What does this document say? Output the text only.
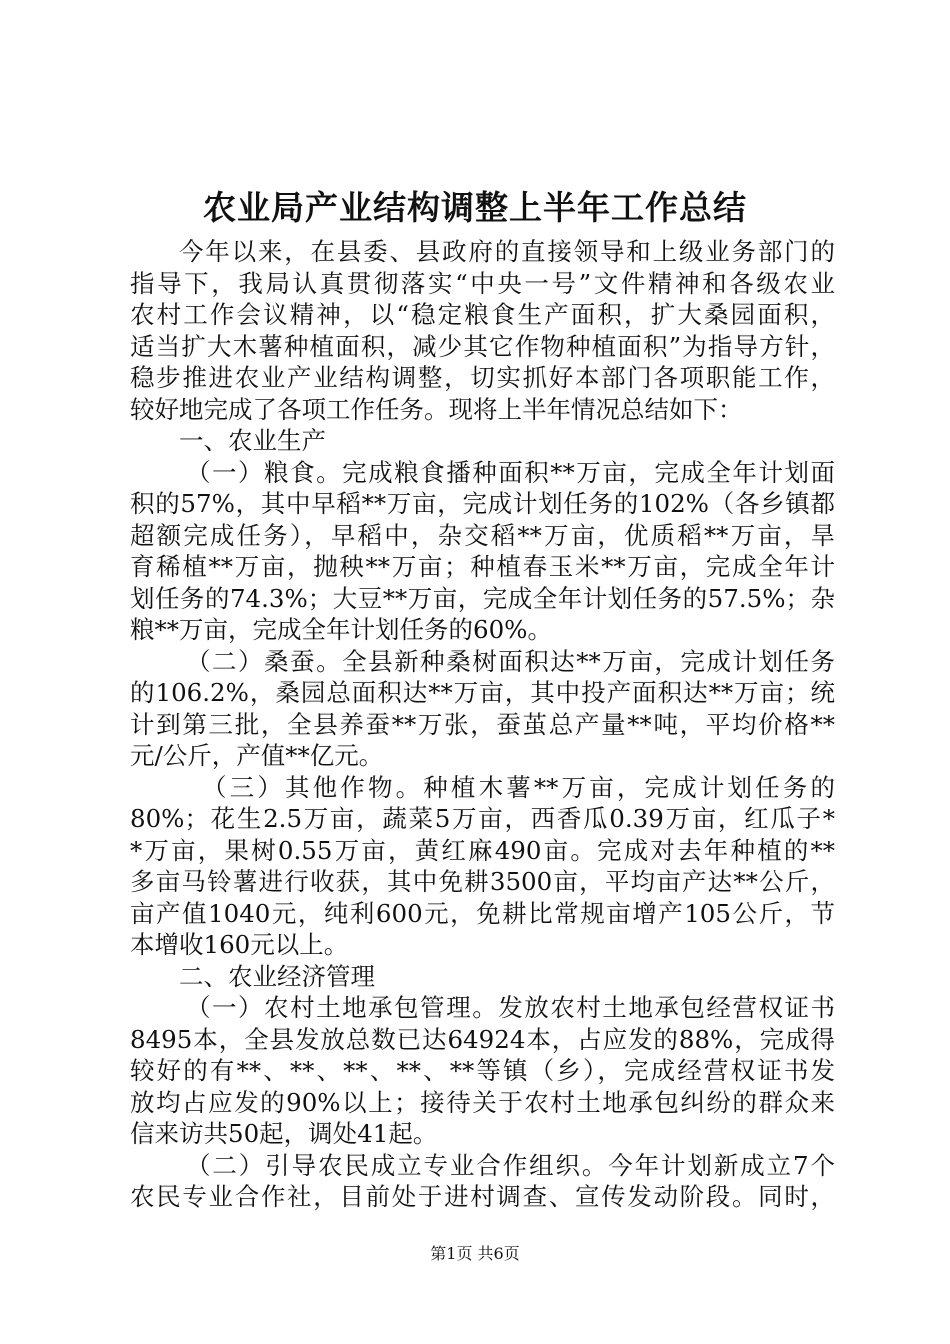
农业局产业结构调整上半年工作总结
今年以来，在县委、县政府的直接领导和上级业务部门的
指导下，我局认真贯彻落实“中央一号”文件精神和各级农业
农村工作会议精神，以“稳定粮食生产面积，扩大桑园面积，
适当扩大木薯种植面积，减少其它作物种植面积”为指导方针，
稳步推进农业产业结构调整，切实抓好本部门各项职能工作，
较好地完成了各项工作任务。现将上半年情况总结如下：
一、农业生产
（一）粮食。完成粮食播种面积**万亩，完成全年计划面
积的57%，其中早稻**万亩，完成计划任务的102%（各乡镇都
超额完成任务），早稻中，杂交稻**万亩，优质稻**万亩，旱
育稀植**万亩，抛秧**万亩；种植春玉米**万亩，完成全年计
划任务的74.3%；大豆**万亩，完成全年计划任务的57.5%；杂
粮**万亩，完成全年计划任务的60%。
（二）桑蚕。全县新种桑树面积达**万亩，完成计划任务
的106.2%，桑园总面积达**万亩，其中投产面积达**万亩；统
计到第三批，全县养蚕**万张，蚕茧总产量**吨，平均价格**
元/公斤，产值**亿元。
（三）其他作物。种植木薯**万亩，完成计划任务的
80%；花生2.5万亩，蔬菜5万亩，西香瓜0.39万亩，红瓜子*
*万亩，果树0.55万亩，黄红麻490亩。完成对去年种植的**
多亩马铃薯进行收获，其中免耕3500亩，平均亩产达**公斤，
亩产值1040元，纯利600元，免耕比常规亩增产105公斤，节
本增收160元以上。
二、农业经济管理
（一）农村土地承包管理。发放农村土地承包经营权证书
8495本，全县发放总数已达64924本，占应发的88%，完成得
较好的有**、**、**、**、**等镇（乡），完成经营权证书发
放均占应发的90%以上；接待关于农村土地承包纠纷的群众来
信来访共50起，调处41起。
（二）引导农民成立专业合作组织。今年计划新成立7个
农民专业合作社，目前处于进村调查、宣传发动阶段。同时，
第1页 共6页
